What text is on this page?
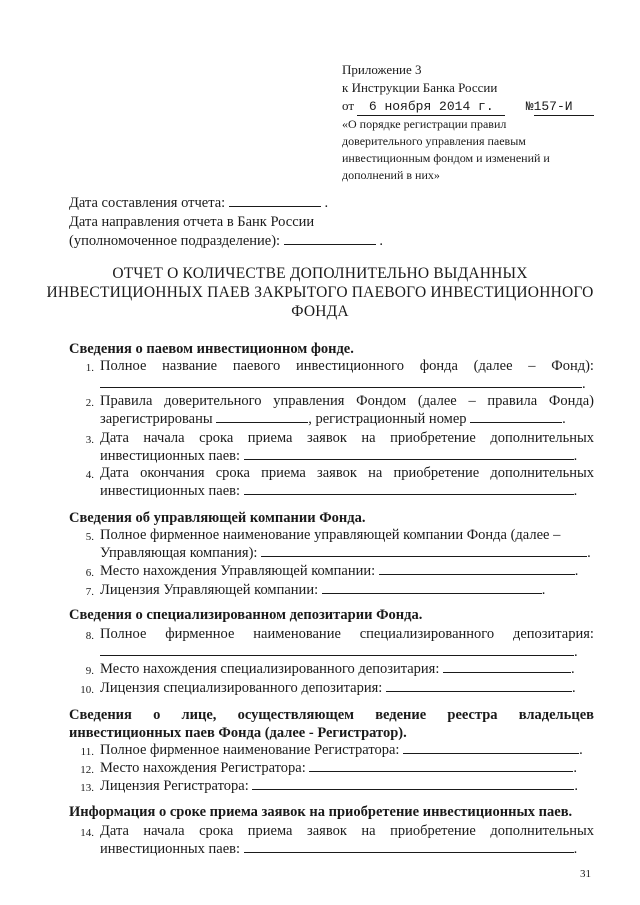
Приложение 3
к Инструкции Банка России
от 6 ноября 2014 г. №157-И
«О порядке регистрации правил
доверительного управления паевым
инвестиционным фондом и изменений и
дополнений в них»
Дата составления отчета:	.
Дата направления отчета в Банк России
(уполномоченное подразделение):	.
ОТЧЕТ О КОЛИЧЕСТВЕ ДОПОЛНИТЕЛЬНО ВЫДАННЫХ
ИНВЕСТИЦИОННЫХ ПАЕВ ЗАКРЫТОГО ПАЕВОГО ИНВЕСТИЦИОННОГО
ФОНДА
Сведения о паевом инвестиционном фонде.
1. Полное название паевого инвестиционного фонда (далее – Фонд):
.
2. Правила доверительного управления Фондом (далее – правила Фонда)
зарегистрированы	, регистрационный номер	.
3. Дата начала срока приема заявок на приобретение дополнительных
инвестиционных паев:	.
4. Дата окончания срока приема заявок на приобретение дополнительных
инвестиционных паев:	.
Сведения об управляющей компании Фонда.
5. Полное фирменное наименование управляющей компании Фонда (далее –
Управляющая компания):	.
6. Место нахождения Управляющей компании:	.
7. Лицензия Управляющей компании:	.
Сведения о специализированном депозитарии Фонда.
8. Полное фирменное наименование специализированного депозитария:
.
9. Место нахождения специализированного депозитария:	.
10. Лицензия специализированного депозитария:	.
Сведения о лице, осуществляющем ведение реестра владельцев
инвестиционных паев Фонда (далее - Регистратор).
11. Полное фирменное наименование Регистратора:	.
12. Место нахождения Регистратора:	.
13. Лицензия Регистратора:	.
Информация о сроке приема заявок на приобретение инвестиционных паев.
14. Дата начала срока приема заявок на приобретение дополнительных
инвестиционных паев:	.
31
